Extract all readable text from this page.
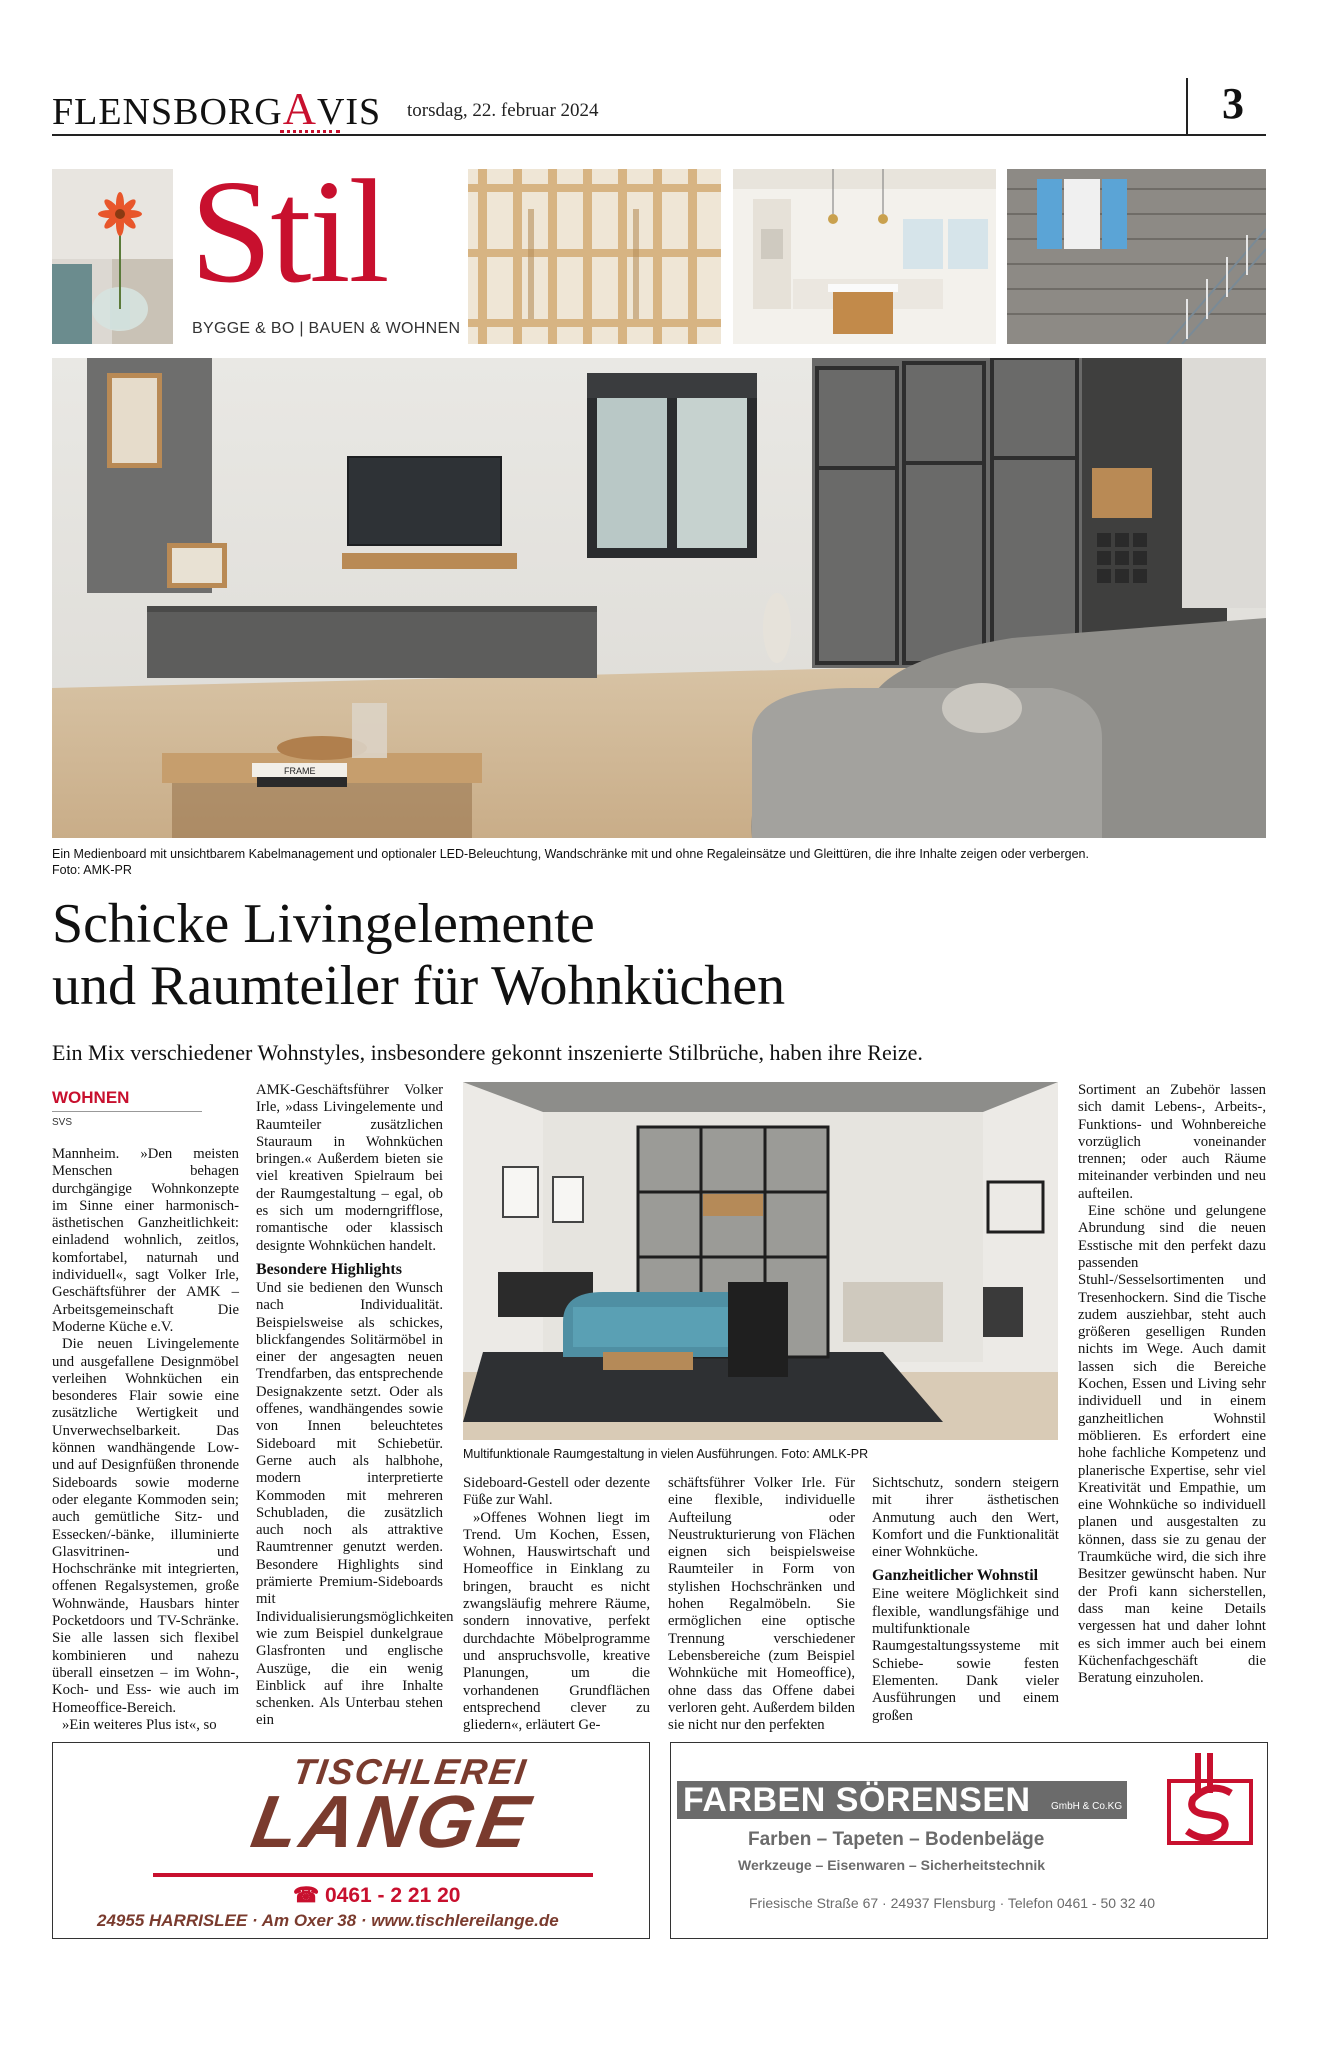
FLENSBORGAVIS torsdag, 22. februar 2024	3
Stil
BYGGE & BO | BAUEN & WOHNEN
FRAME
Ein Medienboard mit unsichtbarem Kabelmanagement und optionaler LED-Beleuchtung, Wandschränke mit und ohne Regaleinsätze und Gleittüren, die ihre Inhalte zeigen oder verbergen.
Foto: AMK-PR
Schicke Livingelemente
und Raumteiler für Wohnküchen
Ein Mix verschiedener Wohnstyles, insbesondere gekonnt inszenierte Stilbrüche, haben ihre Reize.
WOHNEN
SVS

Mannheim. »Den meisten Menschen behagen durchgängige Wohnkonzepte im Sinne einer harmonisch-ästhetischen Ganzheitlichkeit: einladend wohnlich, zeitlos, komfortabel, naturnah und individuell«, sagt Volker Irle, Geschäftsführer der AMK – Arbeitsgemeinschaft Die Moderne Küche e.V.

Die neuen Livingelemente und ausgefallene Designmöbel verleihen Wohnküchen ein besonderes Flair sowie eine zusätzliche Wertigkeit und Unverwechselbarkeit. Das können wandhängende Low- und auf Designfüßen thronende Sideboards sowie moderne oder elegante Kommoden sein; auch gemütliche Sitz- und Essecken/-bänke, illuminierte Glasvitrinen- und Hochschränke mit integrierten, offenen Regalsystemen, große Wohnwände, Hausbars hinter Pocketdoors und TV-Schränke. Sie alle lassen sich flexibel kombinieren und nahezu überall einsetzen – im Wohn-, Koch- und Ess- wie auch im Homeoffice-Bereich.

»Ein weiteres Plus ist«, so

AMK-Geschäftsführer Volker Irle, »dass Livingelemente und Raumteiler zusätzlichen Stauraum in Wohnküchen bringen.« Außerdem bieten sie viel kreativen Spielraum bei der Raumgestaltung – egal, ob es sich um moderngrifflose, romantische oder klassisch designte Wohnküchen handelt.

Besondere Highlights

Und sie bedienen den Wunsch nach Individualität. Beispielsweise als schickes, blickfangendes Solitärmöbel in einer der angesagten neuen Trendfarben, das entsprechende Designakzente setzt. Oder als offenes, wandhängendes sowie von Innen beleuchtetes Sideboard mit Schiebetür. Gerne auch als halbhohe, modern interpretierte Kommoden mit mehreren Schubladen, die zusätzlich auch noch als attraktive Raumtrenner genutzt werden. Besondere Highlights sind prämierte Premium-Sideboards mit Individualisierungsmöglichkeiten wie zum Beispiel dunkelgraue Glasfronten und englische Auszüge, die ein wenig Einblick auf ihre Inhalte schenken. Als Unterbau stehen ein

Multifunktionale Raumgestaltung in vielen Ausführungen. Foto: AMLK-PR

Sideboard-Gestell oder dezente Füße zur Wahl.

»Offenes Wohnen liegt im Trend. Um Kochen, Essen, Wohnen, Hauswirtschaft und Homeoffice in Einklang zu bringen, braucht es nicht zwangsläufig mehrere Räume, sondern innovative, perfekt durchdachte Möbelprogramme und anspruchsvolle, kreative Planungen, um die vorhandenen Grundflächen entsprechend clever zu gliedern«, erläutert Ge-

schäftsführer Volker Irle. Für eine flexible, individuelle Aufteilung oder Neustrukturierung von Flächen eignen sich beispielsweise Raumteiler in Form von stylishen Hochschränken und hohen Regalmöbeln. Sie ermöglichen eine optische Trennung verschiedener Lebensbereiche (zum Beispiel Wohnküche mit Homeoffice), ohne dass das Offene dabei verloren geht. Außerdem bilden sie nicht nur den perfekten

Sichtschutz, sondern steigern mit ihrer ästhetischen Anmutung auch den Wert, Komfort und die Funktionalität einer Wohnküche.

Ganzheitlicher Wohnstil

Eine weitere Möglichkeit sind flexible, wandlungsfähige und multifunktionale Raumgestaltungssysteme mit Schiebe- sowie festen Elementen. Dank vieler Ausführungen und einem großen

Sortiment an Zubehör lassen sich damit Lebens-, Arbeits-, Funktions- und Wohnbereiche vorzüglich voneinander trennen; oder auch Räume miteinander verbinden und neu aufteilen.

Eine schöne und gelungene Abrundung sind die neuen Esstische mit den perfekt dazu passenden Stuhl-/Sesselsortimenten und Tresenhockern. Sind die Tische zudem ausziehbar, steht auch größeren geselligen Runden nichts im Wege. Auch damit lassen sich die Bereiche Kochen, Essen und Living sehr individuell und in einem ganzheitlichen Wohnstil möblieren. Es erfordert eine hohe fachliche Kompetenz und planerische Expertise, sehr viel Kreativität und Empathie, um eine Wohnküche so individuell planen und ausgestalten zu können, dass sie zu genau der Traumküche wird, die sich ihre Besitzer gewünscht haben. Nur der Profi kann sicherstellen, dass man keine Details vergessen hat und daher lohnt es sich immer auch bei einem Küchenfachgeschäft die Beratung einzuholen.

TISCHLEREI
LANGE
☎ 0461 - 2 21 20
24955 HARRISLEE · Am Oxer 38 · www.tischlereilange.de
FARBEN SÖRENSEN GmbH & Co.KG
Farben – Tapeten – Bodenbeläge
Werkzeuge – Eisenwaren – Sicherheitstechnik
Friesische Straße 67 · 24937 Flensburg · Telefon 0461 - 50 32 40
